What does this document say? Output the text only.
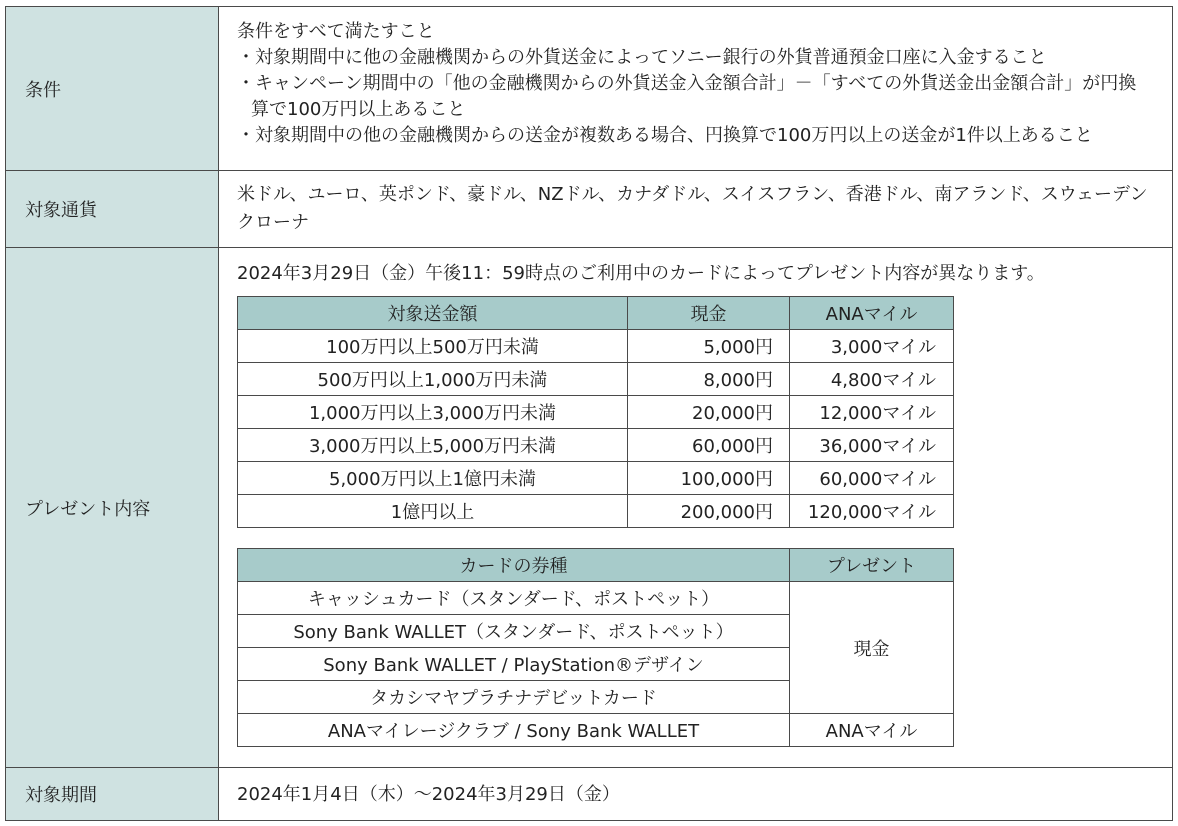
条件	
条件をすべて満たすこと
・対象期間中に他の金融機関からの外貨送金によってソニー銀行の外貨普通預金口座に入金すること
・キャンペーン期間中の「他の金融機関からの外貨送金入金額合計」－「すべての外貨送金出金額合計」が円換算で100万円以上あること
・対象期間中の他の金融機関からの送金が複数ある場合、円換算で100万円以上の送金が1件以上あること

対象通貨	
米ドル、ユーロ、英ポンド、豪ドル、NZドル、カナダドル、スイスフラン、香港ドル、南アランド、スウェーデンクローナ

プレゼント内容	
2024年3月29日（金）午後11：59時点のご利用中のカードによってプレゼント内容が異なります。
対象送金額	現金	ANAマイル
100万円以上500万円未満	5,000円	3,000マイル
500万円以上1,000万円未満	8,000円	4,800マイル
1,000万円以上3,000万円未満	20,000円	12,000マイル
3,000万円以上5,000万円未満	60,000円	36,000マイル
5,000万円以上1億円未満	100,000円	60,000マイル
1億円以上	200,000円	120,000マイル
カードの券種	プレゼント
キャッシュカード（スタンダード、ポストペット）	現金
Sony Bank WALLET（スタンダード、ポストペット）
Sony Bank WALLET / PlayStation®デザイン
タカシマヤプラチナデビットカード
ANAマイレージクラブ / Sony Bank WALLET	ANAマイル

対象期間	2024年1月4日（木）～2024年3月29日（金）
